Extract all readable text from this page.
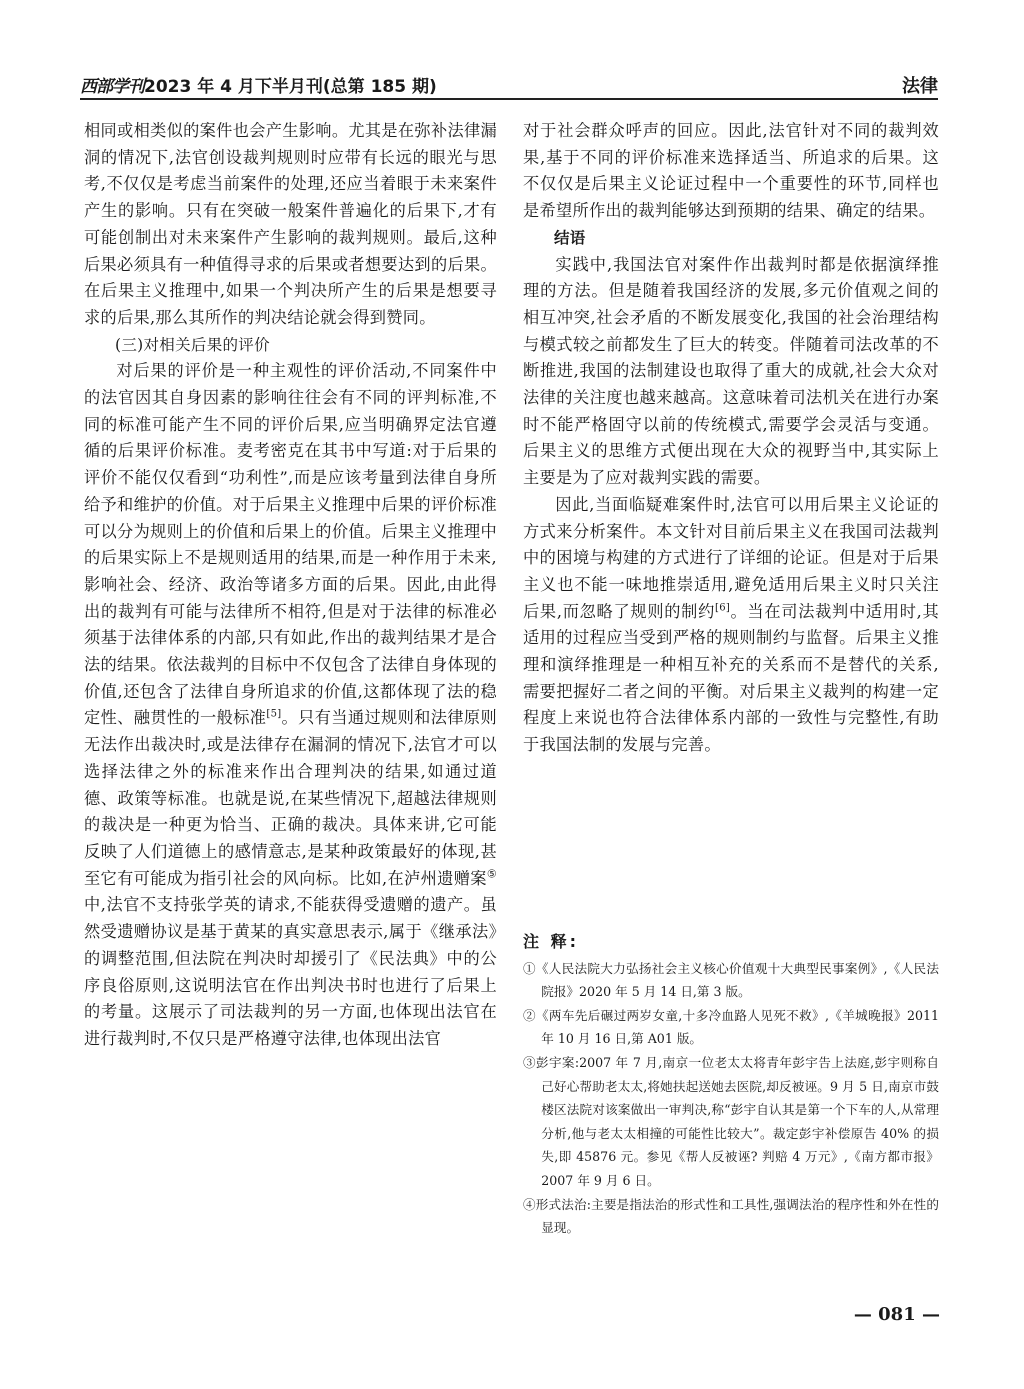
西部学刊2023 年 4 月下半月刊(总第 185 期)	法律

相同或相类似的案件也会产生影响。尤其是在弥补法律漏洞的情况下,法官创设裁判规则时应带有长远的眼光与思考,不仅仅是考虑当前案件的处理,还应当着眼于未来案件产生的影响。只有在突破一般案件普遍化的后果下,才有可能创制出对未来案件产生影响的裁判规则。最后,这种后果必须具有一种值得寻求的后果或者想要达到的后果。在后果主义推理中,如果一个判决所产生的后果是想要寻求的后果,那么其所作的判决结论就会得到赞同。

(三)对相关后果的评价

对后果的评价是一种主观性的评价活动,不同案件中的法官因其自身因素的影响往往会有不同的评判标准,不同的标准可能产生不同的评价后果,应当明确界定法官遵循的后果评价标准。麦考密克在其书中写道:对于后果的评价不能仅仅看到“功利性”,而是应该考量到法律自身所给予和维护的价值。对于后果主义推理中后果的评价标准可以分为规则上的价值和后果上的价值。后果主义推理中的后果实际上不是规则适用的结果,而是一种作用于未来,影响社会、经济、政治等诸多方面的后果。因此,由此得出的裁判有可能与法律所不相符,但是对于法律的标准必须基于法律体系的内部,只有如此,作出的裁判结果才是合法的结果。依法裁判的目标中不仅包含了法律自身体现的价值,还包含了法律自身所追求的价值,这都体现了法的稳定性、融贯性的一般标准[5]。只有当通过规则和法律原则无法作出裁决时,或是法律存在漏洞的情况下,法官才可以选择法律之外的标准来作出合理判决的结果,如通过道德、政策等标准。也就是说,在某些情况下,超越法律规则的裁决是一种更为恰当、正确的裁决。具体来讲,它可能反映了人们道德上的感情意志,是某种政策最好的体现,甚至它有可能成为指引社会的风向标。比如,在泸州遗赠案⑤中,法官不支持张学英的请求,不能获得受遗赠的遗产。虽然受遗赠协议是基于黄某的真实意思表示,属于《继承法》的调整范围,但法院在判决时却援引了《民法典》中的公序良俗原则,这说明法官在作出判决书时也进行了后果上的考量。这展示了司法裁判的另一方面,也体现出法官在进行裁判时,不仅只是严格遵守法律,也体现出法官

对于社会群众呼声的回应。因此,法官针对不同的裁判效果,基于不同的评价标准来选择适当、所追求的后果。这不仅仅是后果主义论证过程中一个重要性的环节,同样也是希望所作出的裁判能够达到预期的结果、确定的结果。

结语

实践中,我国法官对案件作出裁判时都是依据演绎推理的方法。但是随着我国经济的发展,多元价值观之间的相互冲突,社会矛盾的不断发展变化,我国的社会治理结构与模式较之前都发生了巨大的转变。伴随着司法改革的不断推进,我国的法制建设也取得了重大的成就,社会大众对法律的关注度也越来越高。这意味着司法机关在进行办案时不能严格固守以前的传统模式,需要学会灵活与变通。后果主义的思维方式便出现在大众的视野当中,其实际上主要是为了应对裁判实践的需要。

因此,当面临疑难案件时,法官可以用后果主义论证的方式来分析案件。本文针对目前后果主义在我国司法裁判中的困境与构建的方式进行了详细的论证。但是对于后果主义也不能一味地推崇适用,避免适用后果主义时只关注后果,而忽略了规则的制约[6]。当在司法裁判中适用时,其适用的过程应当受到严格的规则制约与监督。后果主义推理和演绎推理是一种相互补充的关系而不是替代的关系,需要把握好二者之间的平衡。对后果主义裁判的构建一定程度上来说也符合法律体系内部的一致性与完整性,有助于我国法制的发展与完善。

注 释:

①《人民法院大力弘扬社会主义核心价值观十大典型民事案例》,《人民法院报》2020 年 5 月 14 日,第 3 版。

②《两车先后碾过两岁女童,十多冷血路人见死不救》,《羊城晚报》2011 年 10 月 16 日,第 A01 版。

③彭宇案:2007 年 7 月,南京一位老太太将青年彭宇告上法庭,彭宇则称自己好心帮助老太太,将她扶起送她去医院,却反被诬。9 月 5 日,南京市鼓楼区法院对该案做出一审判决,称“彭宇自认其是第一个下车的人,从常理分析,他与老太太相撞的可能性比较大”。裁定彭宇补偿原告 40% 的损失,即 45876 元。参见《帮人反被诬? 判赔 4 万元》,《南方都市报》2007 年 9 月 6 日。

④形式法治:主要是指法治的形式性和工具性,强调法治的程序性和外在性的显现。

— 081 —
